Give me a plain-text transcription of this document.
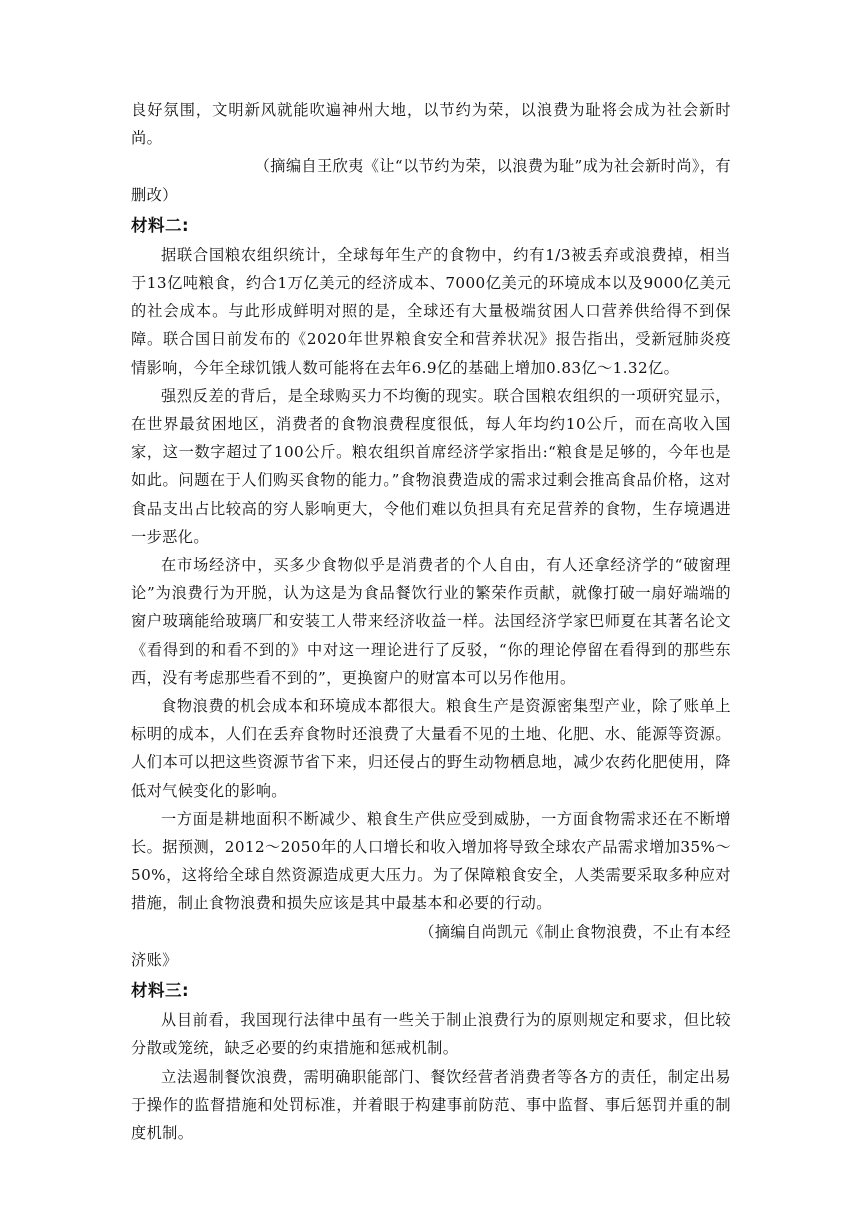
良好氛围，文明新风就能吹遍神州大地，以节约为荣，以浪费为耻将会成为社会新时尚。

（摘编自王欣夷《让“以节约为荣，以浪费为耻”成为社会新时尚》，有

删改）

材料二:

据联合国粮农组织统计，全球每年生产的食物中，约有1/3被丢弃或浪费掉，相当于13亿吨粮食，约合1万亿美元的经济成本、7000亿美元的环境成本以及9000亿美元的社会成本。与此形成鲜明对照的是，全球还有大量极端贫困人口营养供给得不到保障。联合国日前发布的《2020年世界粮食安全和营养状况》报告指出，受新冠肺炎疫情影响，今年全球饥饿人数可能将在去年6.9亿的基础上增加0.83亿～1.32亿。

强烈反差的背后，是全球购买力不均衡的现实。联合国粮农组织的一项研究显示，在世界最贫困地区，消费者的食物浪费程度很低，每人年均约10公斤，而在高收入国家，这一数字超过了100公斤。粮农组织首席经济学家指出:“粮食是足够的，今年也是如此。问题在于人们购买食物的能力。”食物浪费造成的需求过剩会推高食品价格，这对食品支出占比较高的穷人影响更大，令他们难以负担具有充足营养的食物，生存境遇进一步恶化。

在市场经济中，买多少食物似乎是消费者的个人自由，有人还拿经济学的“破窗理论”为浪费行为开脱，认为这是为食品餐饮行业的繁荣作贡献，就像打破一扇好端端的窗户玻璃能给玻璃厂和安装工人带来经济收益一样。法国经济学家巴师夏在其著名论文《看得到的和看不到的》中对这一理论进行了反驳，“你的理论停留在看得到的那些东西，没有考虑那些看不到的”，更换窗户的财富本可以另作他用。

食物浪费的机会成本和环境成本都很大。粮食生产是资源密集型产业，除了账单上标明的成本，人们在丢弃食物时还浪费了大量看不见的土地、化肥、水、能源等资源。人们本可以把这些资源节省下来，归还侵占的野生动物栖息地，减少农药化肥使用，降低对气候变化的影响。

一方面是耕地面积不断减少、粮食生产供应受到威胁，一方面食物需求还在不断增长。据预测，2012～2050年的人口增长和收入增加将导致全球农产品需求增加35%～50%，这将给全球自然资源造成更大压力。为了保障粮食安全，人类需要采取多种应对措施，制止食物浪费和损失应该是其中最基本和必要的行动。

（摘编自尚凯元《制止食物浪费，不止有本经

济账》

材料三:

从目前看，我国现行法律中虽有一些关于制止浪费行为的原则规定和要求，但比较分散或笼统，缺乏必要的约束措施和惩戒机制。

立法遏制餐饮浪费，需明确职能部门、餐饮经营者消费者等各方的责任，制定出易于操作的监督措施和处罚标准，并着眼于构建事前防范、事中监督、事后惩罚并重的制度机制。
